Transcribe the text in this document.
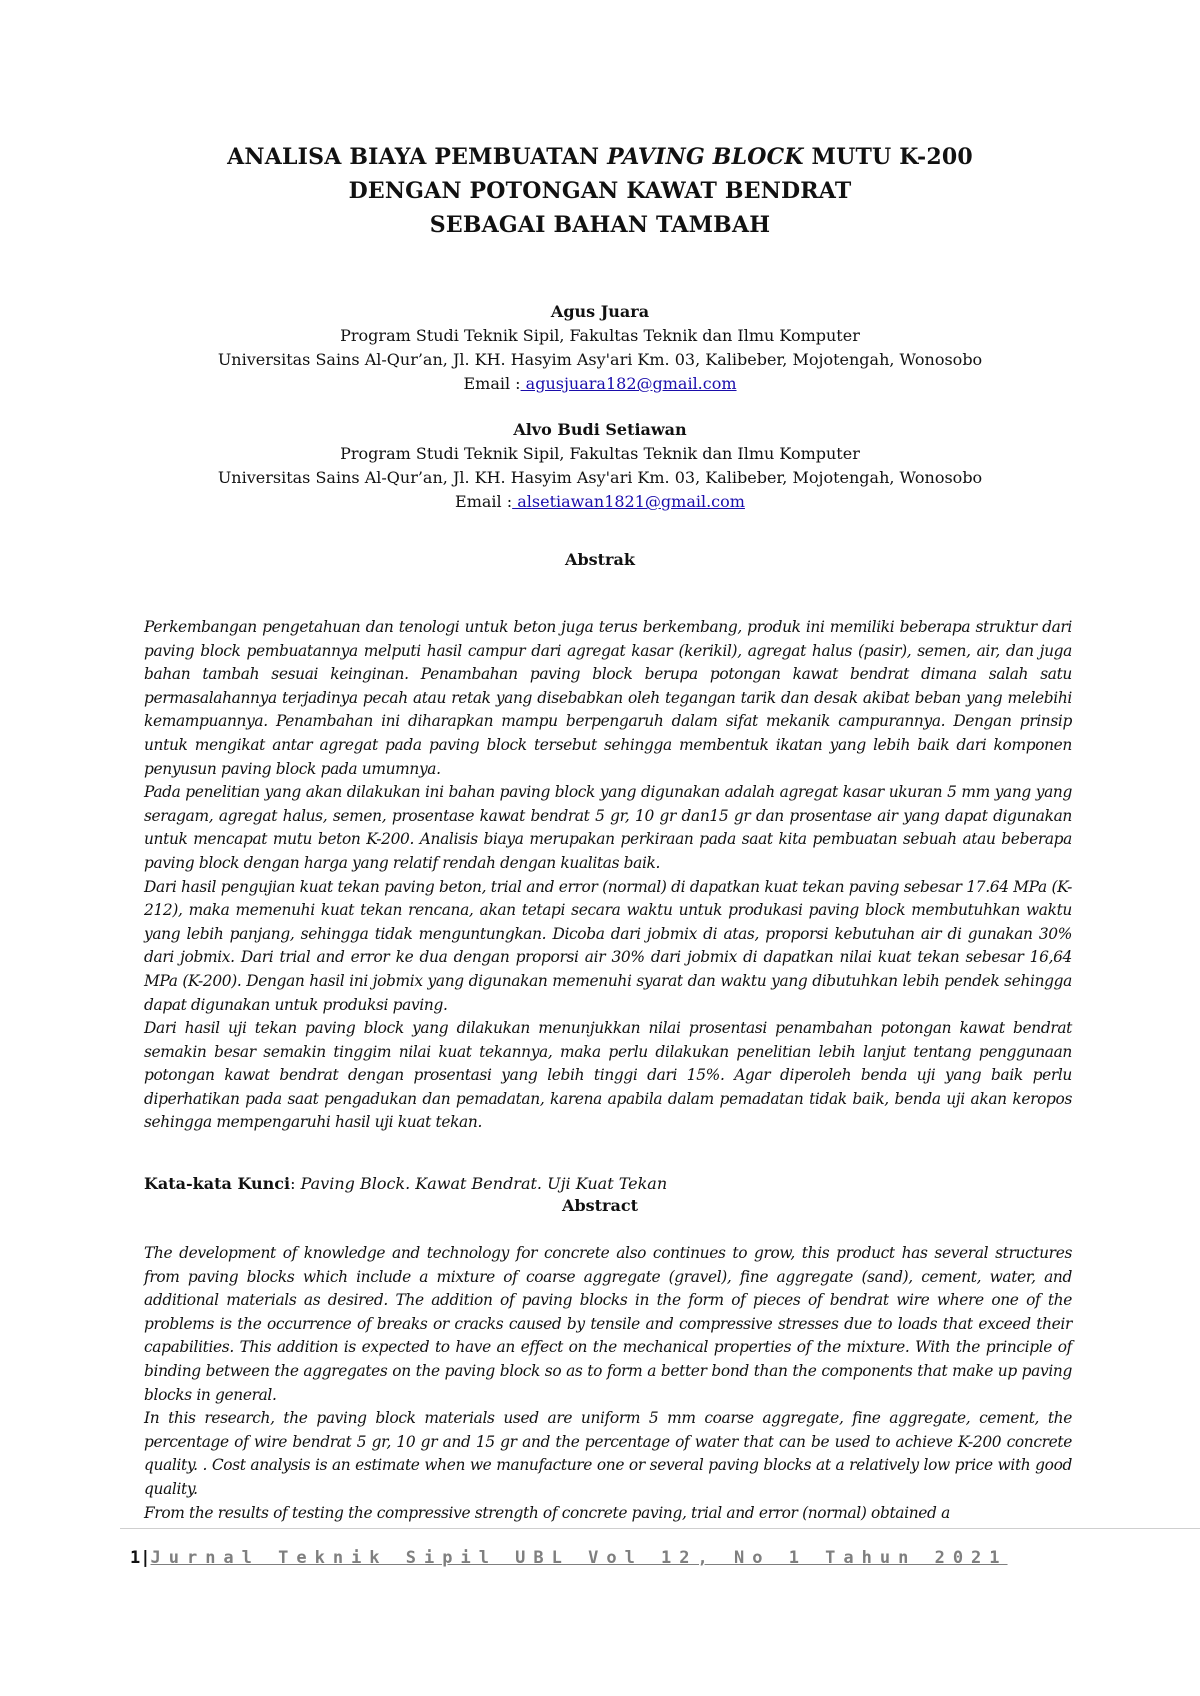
ANALISA BIAYA PEMBUATAN PAVING BLOCK MUTU K-200
DENGAN POTONGAN KAWAT BENDRAT
SEBAGAI BAHAN TAMBAH
Agus Juara
Program Studi Teknik Sipil, Fakultas Teknik dan Ilmu Komputer
Universitas Sains Al-Qur’an, Jl. KH. Hasyim Asy'ari Km. 03, Kalibeber, Mojotengah, Wonosobo
Email : agusjuara182@gmail.com
Alvo Budi Setiawan
Program Studi Teknik Sipil, Fakultas Teknik dan Ilmu Komputer
Universitas Sains Al-Qur’an, Jl. KH. Hasyim Asy'ari Km. 03, Kalibeber, Mojotengah, Wonosobo
Email : alsetiawan1821@gmail.com
Abstrak

Perkembangan pengetahuan dan tenologi untuk beton juga terus berkembang, produk ini memiliki beberapa struktur dari paving block pembuatannya melputi hasil campur dari agregat kasar (kerikil), agregat halus (pasir), semen, air, dan juga bahan tambah sesuai keinginan. Penambahan paving block berupa potongan kawat bendrat dimana salah satu permasalahannya terjadinya pecah atau retak yang disebabkan oleh tegangan tarik dan desak akibat beban yang melebihi kemampuannya. Penambahan ini diharapkan mampu berpengaruh dalam sifat mekanik campurannya. Dengan prinsip untuk mengikat antar agregat pada paving block tersebut sehingga membentuk ikatan yang lebih baik dari komponen penyusun paving block pada umumnya.

Pada penelitian yang akan dilakukan ini bahan paving block yang digunakan adalah agregat kasar ukuran 5 mm yang yang seragam, agregat halus, semen, prosentase kawat bendrat 5 gr, 10 gr dan15 gr dan prosentase air yang dapat digunakan untuk mencapat mutu beton K-200. Analisis biaya merupakan perkiraan pada saat kita pembuatan sebuah atau beberapa paving block dengan harga yang relatif rendah dengan kualitas baik.

Dari hasil pengujian kuat tekan paving beton, trial and error (normal) di dapatkan kuat tekan paving sebesar 17.64 MPa (K-212), maka memenuhi kuat tekan rencana, akan tetapi secara waktu untuk produkasi paving block membutuhkan waktu yang lebih panjang, sehingga tidak menguntungkan. Dicoba dari jobmix di atas, proporsi kebutuhan air di gunakan 30% dari jobmix. Dari trial and error ke dua dengan proporsi air 30% dari jobmix di dapatkan nilai kuat tekan sebesar 16,64 MPa (K-200). Dengan hasil ini jobmix yang digunakan memenuhi syarat dan waktu yang dibutuhkan lebih pendek sehingga dapat digunakan untuk produksi paving.

Dari hasil uji tekan paving block yang dilakukan menunjukkan nilai prosentasi penambahan potongan kawat bendrat semakin besar semakin tinggim nilai kuat tekannya, maka perlu dilakukan penelitian lebih lanjut tentang penggunaan potongan kawat bendrat dengan prosentasi yang lebih tinggi dari 15%. Agar diperoleh benda uji yang baik perlu diperhatikan pada saat pengadukan dan pemadatan, karena apabila dalam pemadatan tidak baik, benda uji akan keropos sehingga mempengaruhi hasil uji kuat tekan.

Kata-kata Kunci: Paving Block. Kawat Bendrat. Uji Kuat Tekan
Abstract

The development of knowledge and technology for concrete also continues to grow, this product has several structures from paving blocks which include a mixture of coarse aggregate (gravel), fine aggregate (sand), cement, water, and additional materials as desired. The addition of paving blocks in the form of pieces of bendrat wire where one of the problems is the occurrence of breaks or cracks caused by tensile and compressive stresses due to loads that exceed their capabilities. This addition is expected to have an effect on the mechanical properties of the mixture. With the principle of binding between the aggregates on the paving block so as to form a better bond than the components that make up paving blocks in general.

In this research, the paving block materials used are uniform 5 mm coarse aggregate, fine aggregate, cement, the percentage of wire bendrat 5 gr, 10 gr and 15 gr and the percentage of water that can be used to achieve K-200 concrete quality. . Cost analysis is an estimate when we manufacture one or several paving blocks at a relatively low price with good quality.

From the results of testing the compressive strength of concrete paving, trial and error (normal) obtained a

1|Jurnal Teknik Sipil UBL Vol 12, No 1 Tahun 2021
